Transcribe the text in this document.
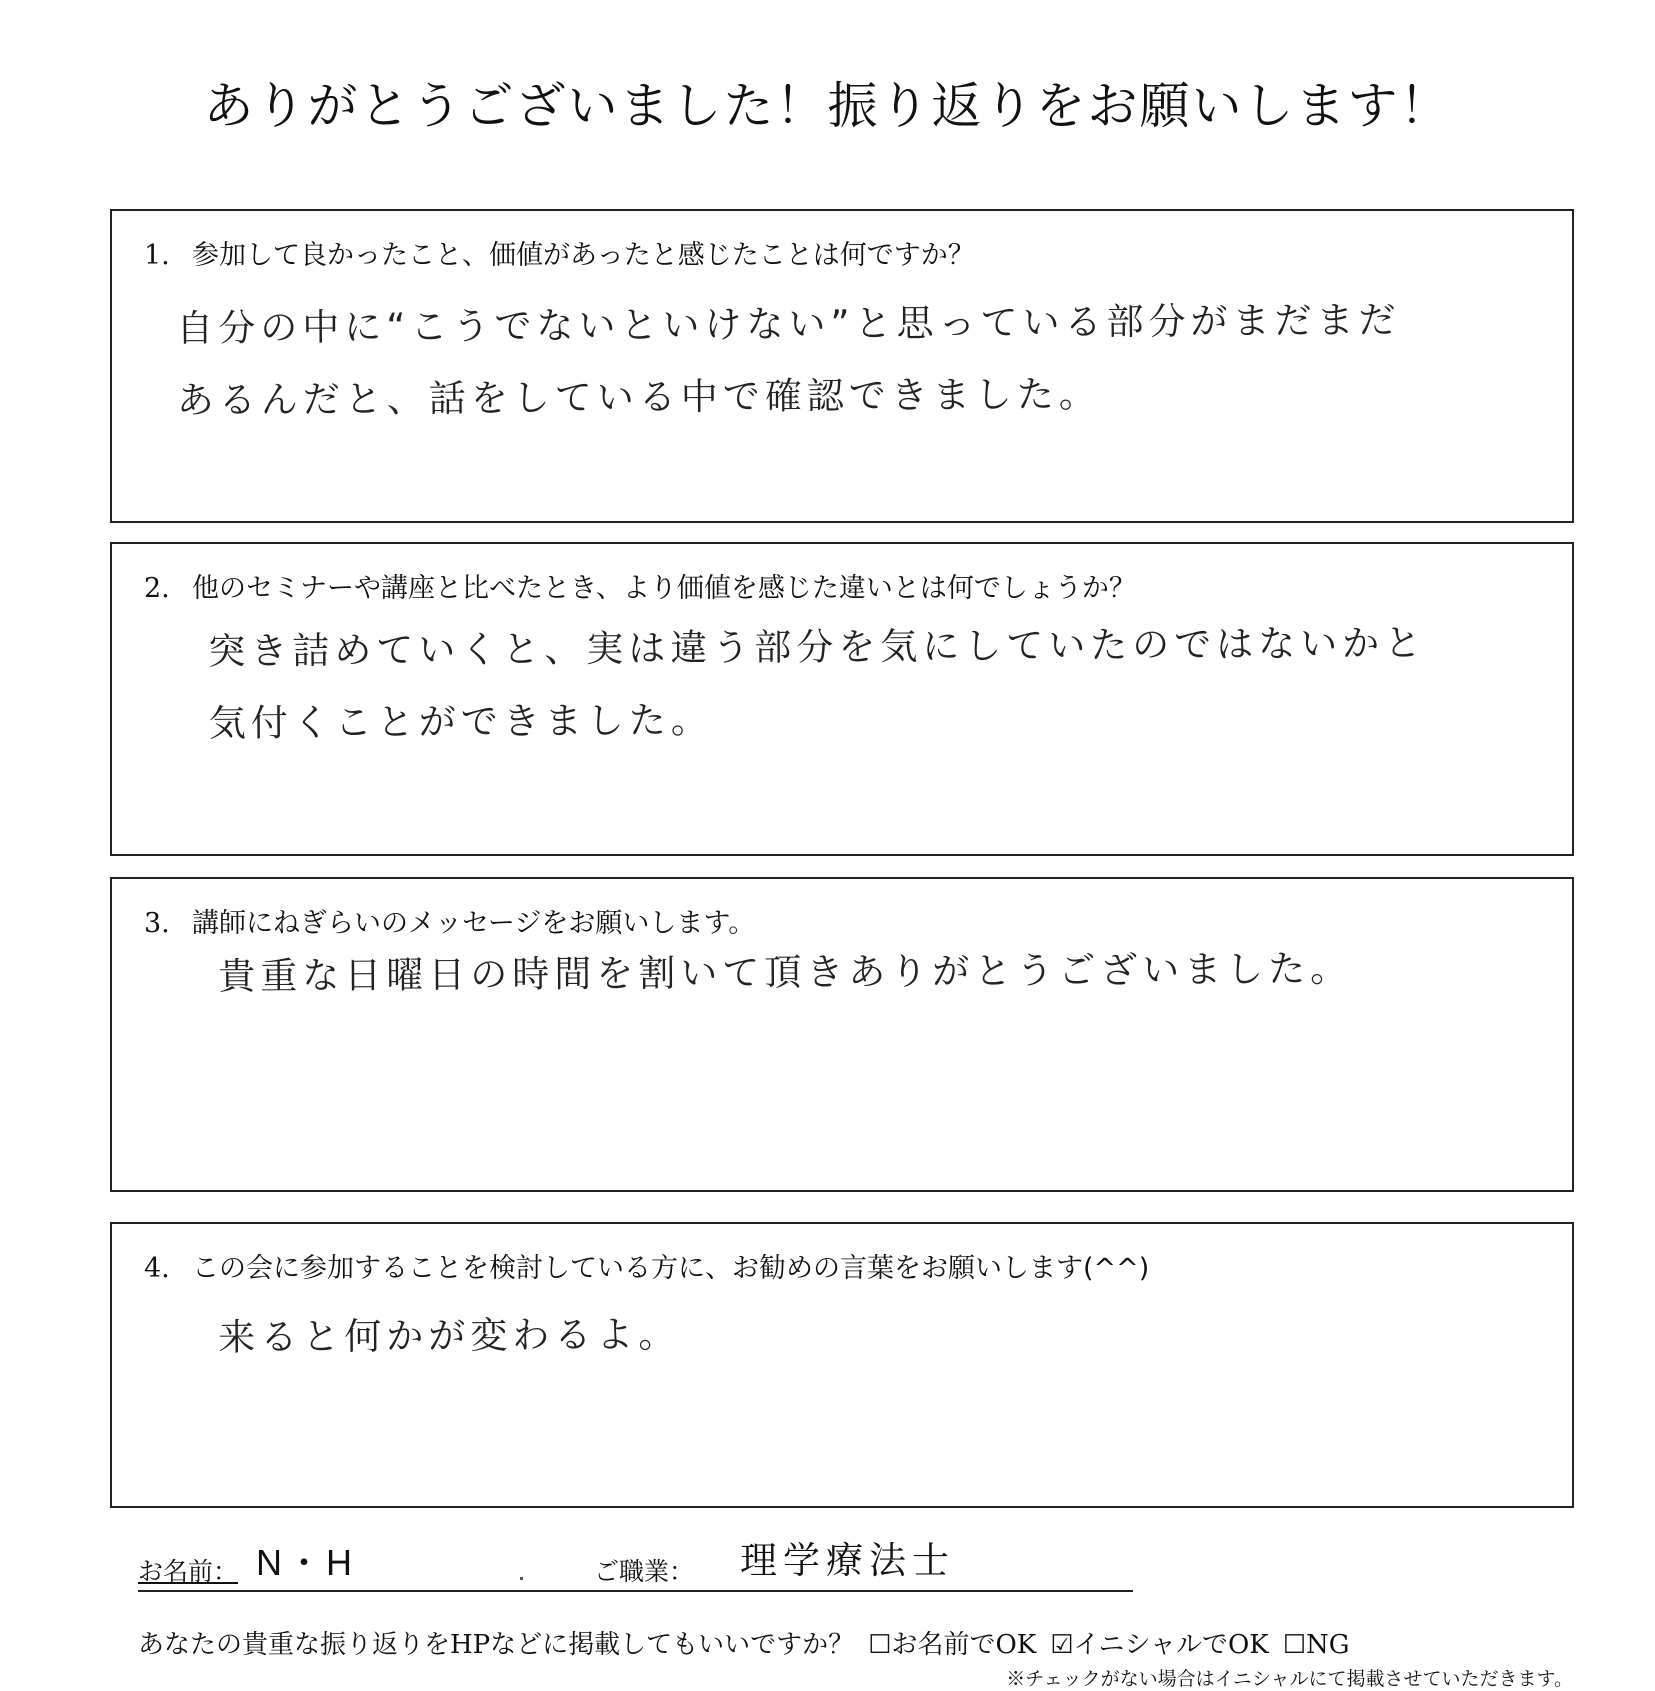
ありがとうございました！振り返りをお願いします！
1. 参加して良かったこと、価値があったと感じたことは何ですか？
自分の中に“こうでないといけない”と思っている部分がまだまだ
あるんだと、話をしている中で確認できました。
2. 他のセミナーや講座と比べたとき、より価値を感じた違いとは何でしょうか？
突き詰めていくと、実は違う部分を気にしていたのではないかと
気付くことができました。
3. 講師にねぎらいのメッセージをお願いします。
貴重な日曜日の時間を割いて頂きありがとうございました。
4. この会に参加することを検討している方に、お勧めの言葉をお願いします(^^)
来ると何かが変わるよ。
お名前： N・H	ご職業： 理学療法士
あなたの貴重な振り返りをHPなどに掲載してもいいですか？ ☐お名前でOK ☑イニシャルでOK ☐NG
※チェックがない場合はイニシャルにて掲載させていただきます。
